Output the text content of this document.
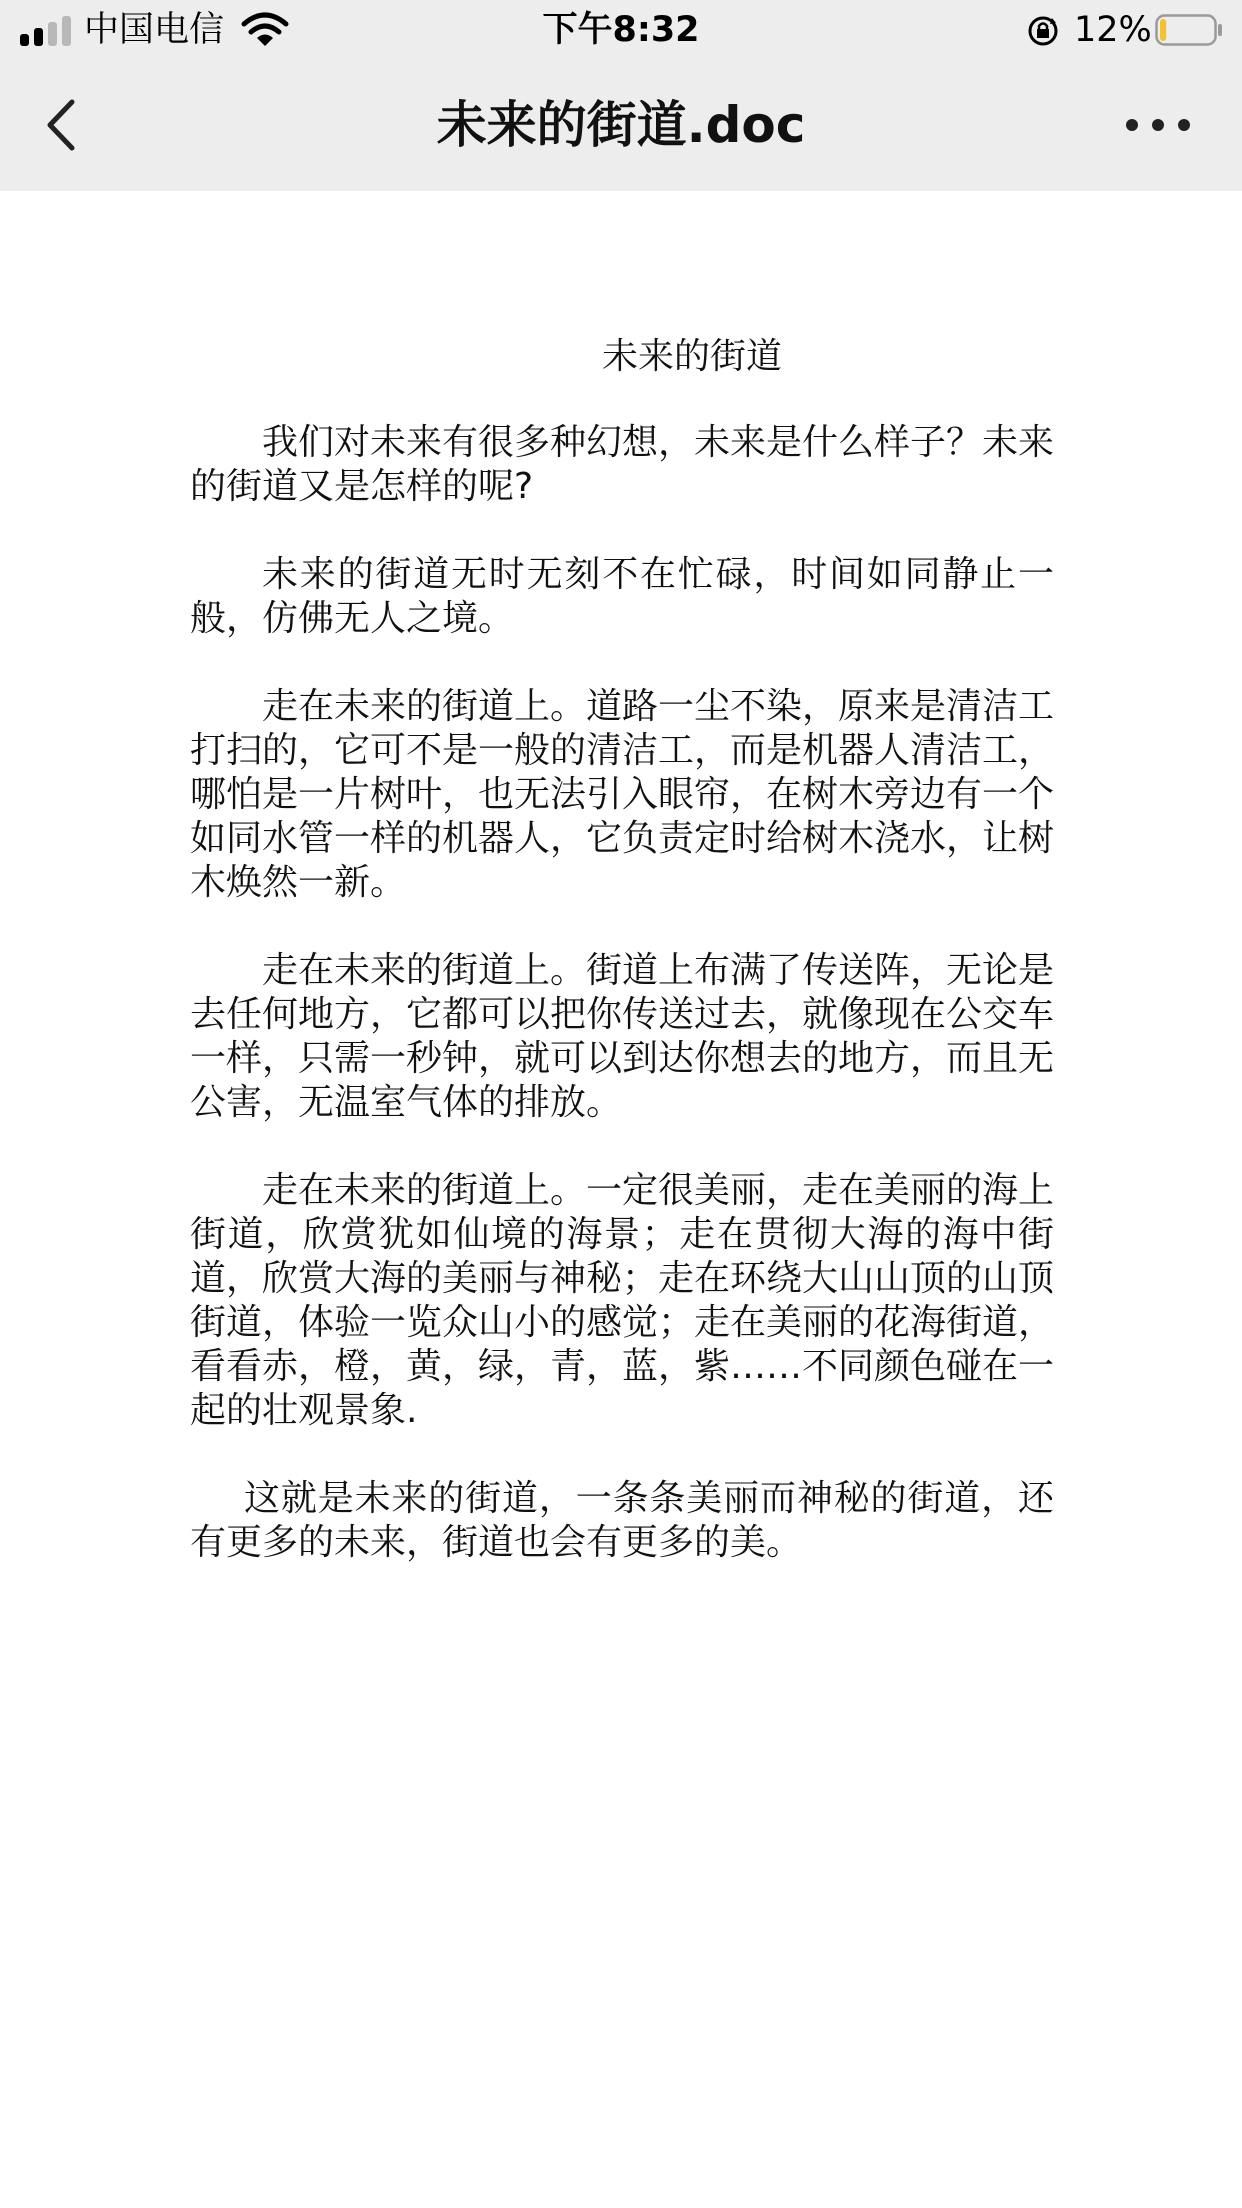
中国电信	下午8:32	12%
未来的街道.doc
未来的街道

我们对未来有很多种幻想，未来是什么样子？未来的街道又是怎样的呢?

未来的街道无时无刻不在忙碌，时间如同静止一般，仿佛无人之境。

走在未来的街道上。道路一尘不染，原来是清洁工打扫的，它可不是一般的清洁工，而是机器人清洁工，哪怕是一片树叶，也无法引入眼帘，在树木旁边有一个如同水管一样的机器人，它负责定时给树木浇水，让树木焕然一新。

走在未来的街道上。街道上布满了传送阵，无论是去任何地方，它都可以把你传送过去，就像现在公交车一样，只需一秒钟，就可以到达你想去的地方，而且无公害，无温室气体的排放。

走在未来的街道上。一定很美丽，走在美丽的海上街道，欣赏犹如仙境的海景；走在贯彻大海的海中街道，欣赏大海的美丽与神秘；走在环绕大山山顶的山顶街道，体验一览众山小的感觉；走在美丽的花海街道，看看赤，橙，黄，绿，青，蓝，紫……不同颜色碰在一起的壮观景象.

这就是未来的街道，一条条美丽而神秘的街道，还有更多的未来，街道也会有更多的美。
